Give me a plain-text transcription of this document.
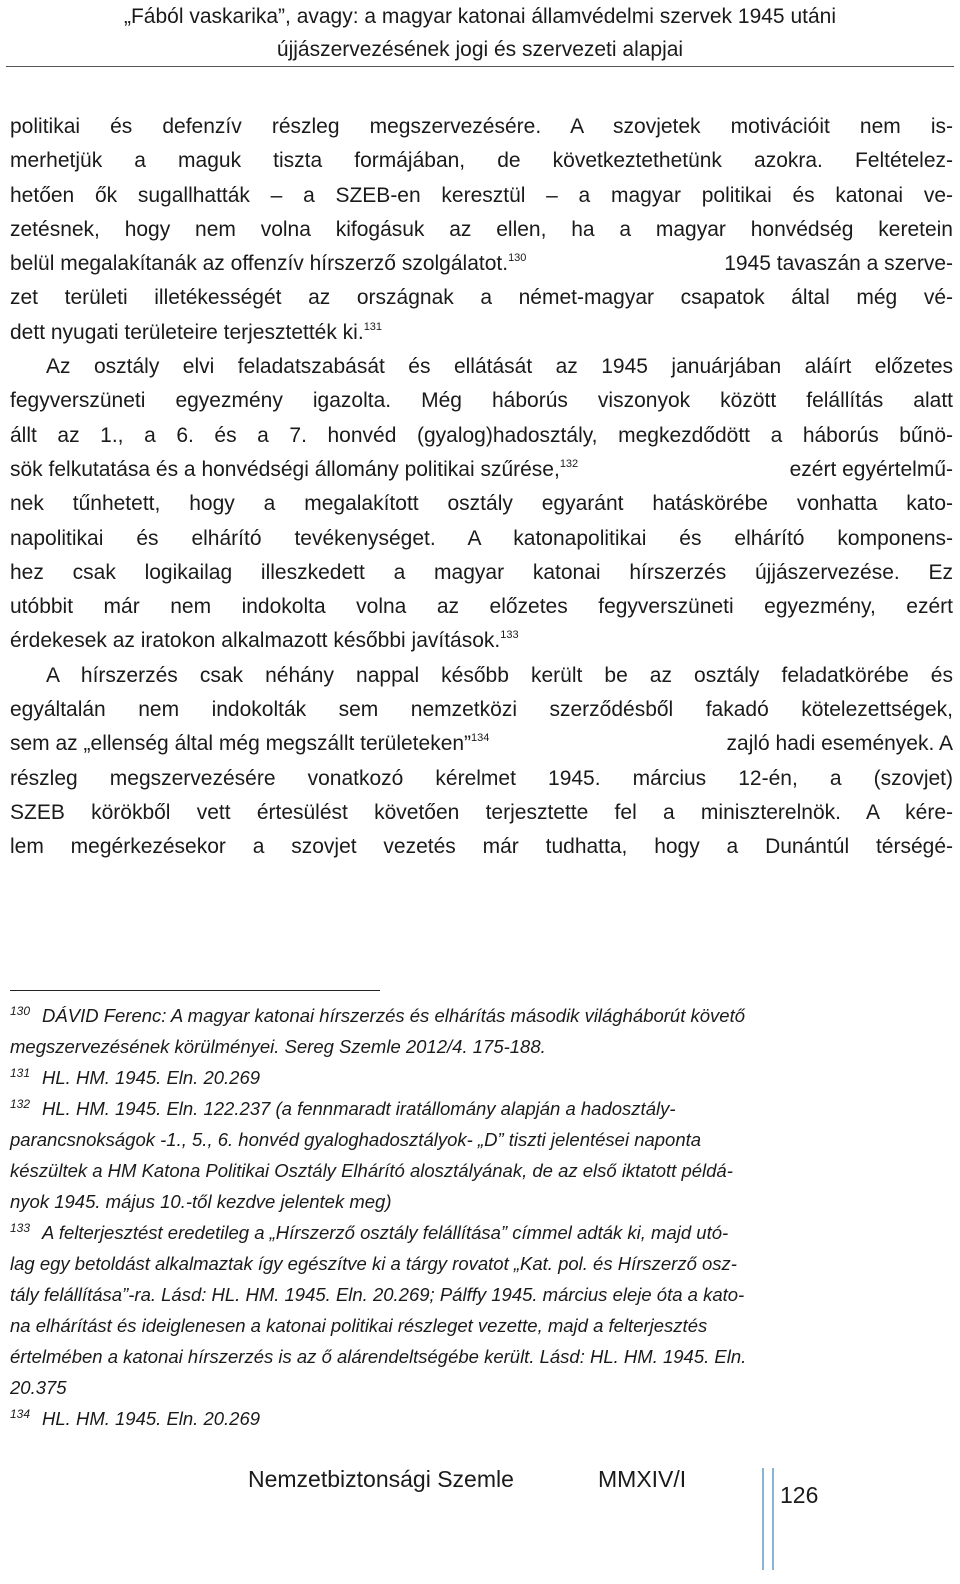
„Fából vaskarika”, avagy: a magyar katonai államvédelmi szervek 1945 utáni
újjászervezésének jogi és szervezeti alapjai
politikai és defenzív részleg megszervezésére. A szovjetek motivációit nem is-
merhetjük a maguk tiszta formájában, de következtethetünk azokra. Feltételez-
hetően ők sugallhatták – a SZEB-en keresztül – a magyar politikai és katonai ve-
zetésnek, hogy nem volna kifogásuk az ellen, ha a magyar honvédség keretein
belül megalakítanák az offenzív hírszerző szolgálatot.$^{130}$	1945 tavaszán a szerve-
zet területi illetékességét az országnak a német-magyar csapatok által még vé-
dett nyugati területeire terjesztették ki.$^{131}$
Az osztály elvi feladatszabását és ellátását az 1945 januárjában aláírt előzetes
fegyverszüneti egyezmény igazolta. Még háborús viszonyok között felállítás alatt
állt az 1., a 6. és a 7. honvéd (gyalog)hadosztály, megkezdődött a háborús bűnö-
sök felkutatása és a honvédségi állomány politikai szűrése,$^{132}$	ezért egyértelmű-
nek tűnhetett, hogy a megalakított osztály egyaránt hatáskörébe vonhatta kato-
napolitikai és elhárító tevékenységet. A katonapolitikai és elhárító komponens-
hez csak logikailag illeszkedett a magyar katonai hírszerzés újjászervezése. Ez
utóbbit már nem indokolta volna az előzetes fegyverszüneti egyezmény, ezért
érdekesek az iratokon alkalmazott későbbi javítások.$^{133}$
A hírszerzés csak néhány nappal később került be az osztály feladatkörébe és
egyáltalán nem indokolták sem nemzetközi szerződésből fakadó kötelezettségek,
sem az „ellenség által még megszállt területeken”$^{134}$	zajló hadi események. A
részleg megszervezésére vonatkozó kérelmet 1945. március 12-én, a (szovjet)
SZEB körökből vett értesülést követően terjesztette fel a miniszterelnök. A kére-
lem megérkezésekor a szovjet vezetés már tudhatta, hogy a Dunántúl térségé-
$^{130}$ DÁVID Ferenc: A magyar katonai hírszerzés és elhárítás második világháborút követő
megszervezésének körülményei. Sereg Szemle 2012/4. 175-188.
$^{131}$ HL. HM. 1945. Eln. 20.269
$^{132}$ HL. HM. 1945. Eln. 122.237 (a fennmaradt iratállomány alapján a hadosztály-
parancsnokságok -1., 5., 6. honvéd gyaloghadosztályok- „D” tiszti jelentései naponta
készültek a HM Katona Politikai Osztály Elhárító alosztályának, de az első iktatott példá-
nyok 1945. május 10.-től kezdve jelentek meg)
$^{133}$ A felterjesztést eredetileg a „Hírszerző osztály felállítása” címmel adták ki, majd utó-
lag egy betoldást alkalmaztak így egészítve ki a tárgy rovatot „Kat. pol. és Hírszerző osz-
tály felállítása”-ra. Lásd: HL. HM. 1945. Eln. 20.269; Pálffy 1945. március eleje óta a kato-
na elhárítást és ideiglenesen a katonai politikai részleget vezette, majd a felterjesztés
értelmében a katonai hírszerzés is az ő alárendeltségébe került. Lásd: HL. HM. 1945. Eln.
20.375
$^{134}$ HL. HM. 1945. Eln. 20.269
Nemzetbiztonsági Szemle	MMXIV/I
126
